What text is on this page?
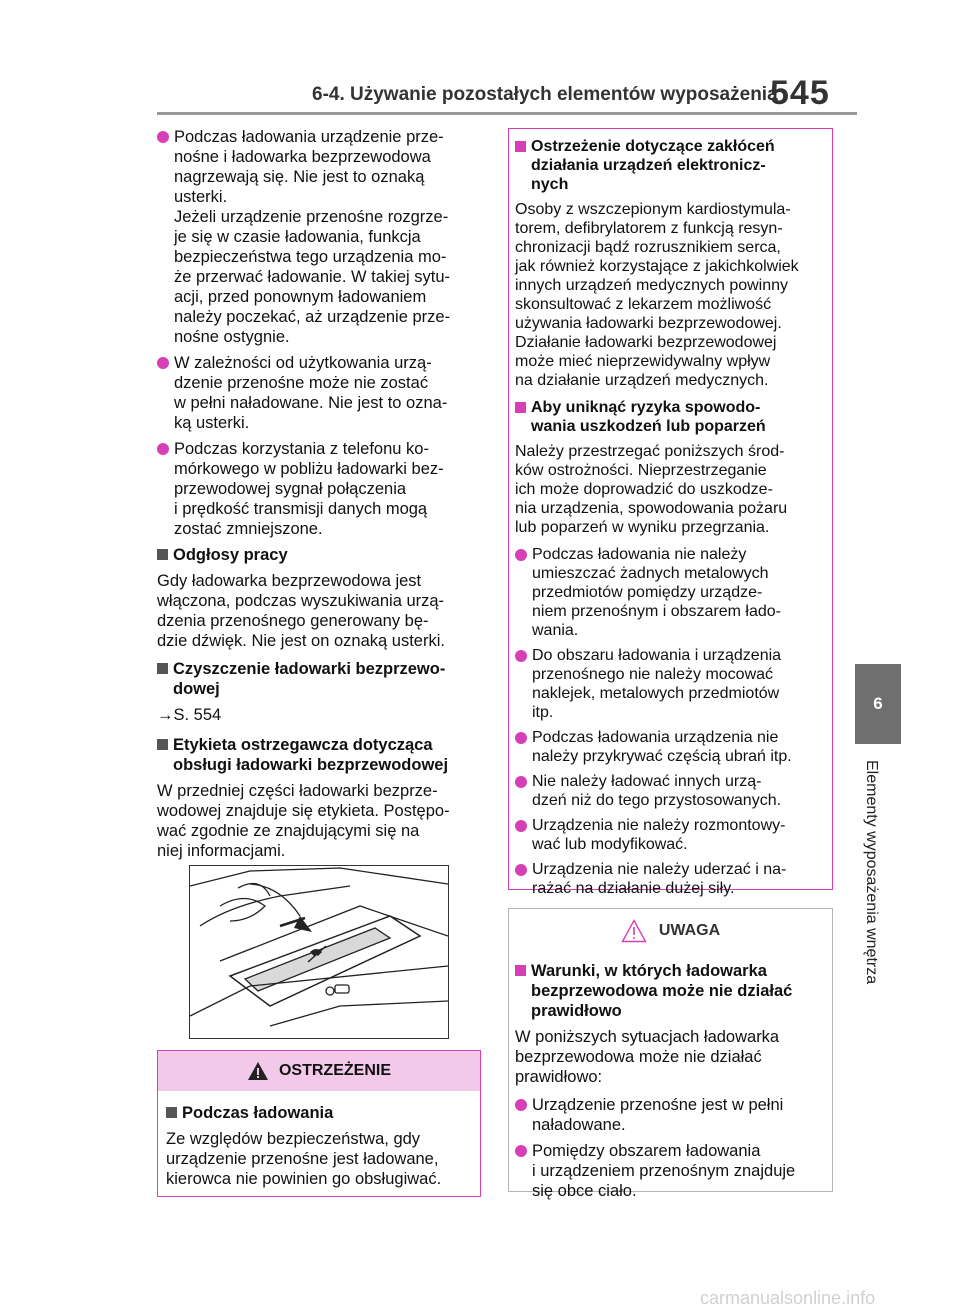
6-4. Używanie pozostałych elementów wyposażenia
545
6
Elementy wyposażenia wnętrza
Podczas ładowania urządzenie prze-
nośne i ładowarka bezprzewodowa
nagrzewają się. Nie jest to oznaką
usterki.
Jeżeli urządzenie przenośne rozgrze-
je się w czasie ładowania, funkcja
bezpieczeństwa tego urządzenia mo-
że przerwać ładowanie. W takiej sytu-
acji, przed ponownym ładowaniem
należy poczekać, aż urządzenie prze-
nośne ostygnie.
W zależności od użytkowania urzą-
dzenie przenośne może nie zostać
w pełni naładowane. Nie jest to ozna-
ką usterki.
Podczas korzystania z telefonu ko-
mórkowego w pobliżu ładowarki bez-
przewodowej sygnał połączenia
i prędkość transmisji danych mogą
zostać zmniejszone.
Odgłosy pracy
Gdy ładowarka bezprzewodowa jest
włączona, podczas wyszukiwania urzą-
dzenia przenośnego generowany bę-
dzie dźwięk. Nie jest on oznaką usterki.
Czyszczenie ładowarki bezprzewo-
dowej
→S. 554
Etykieta ostrzegawcza dotycząca
obsługi ładowarki bezprzewodowej
W przedniej części ładowarki bezprze-
wodowej znajduje się etykieta. Postępo-
wać zgodnie ze znajdującymi się na
niej informacjami.
OSTRZEŻENIE
Podczas ładowania
Ze względów bezpieczeństwa, gdy
urządzenie przenośne jest ładowane,
kierowca nie powinien go obsługiwać.
Ostrzeżenie dotyczące zakłóceń
działania urządzeń elektronicz-
nych
Osoby z wszczepionym kardiostymula-
torem, defibrylatorem z funkcją resyn-
chronizacji bądź rozrusznikiem serca,
jak również korzystające z jakichkolwiek
innych urządzeń medycznych powinny
skonsultować z lekarzem możliwość
używania ładowarki bezprzewodowej.
Działanie ładowarki bezprzewodowej
może mieć nieprzewidywalny wpływ
na działanie urządzeń medycznych.
Aby uniknąć ryzyka spowodo-
wania uszkodzeń lub poparzeń
Należy przestrzegać poniższych środ-
ków ostrożności. Nieprzestrzeganie
ich może doprowadzić do uszkodze-
nia urządzenia, spowodowania pożaru
lub poparzeń w wyniku przegrzania.
Podczas ładowania nie należy
umieszczać żadnych metalowych
przedmiotów pomiędzy urządze-
niem przenośnym i obszarem łado-
wania.
Do obszaru ładowania i urządzenia
przenośnego nie należy mocować
naklejek, metalowych przedmiotów
itp.
Podczas ładowania urządzenia nie
należy przykrywać częścią ubrań itp.
Nie należy ładować innych urzą-
dzeń niż do tego przystosowanych.
Urządzenia nie należy rozmontowy-
wać lub modyfikować.
Urządzenia nie należy uderzać i na-
rażać na działanie dużej siły.
UWAGA
Warunki, w których ładowarka
bezprzewodowa może nie działać
prawidłowo
W poniższych sytuacjach ładowarka
bezprzewodowa może nie działać
prawidłowo:
Urządzenie przenośne jest w pełni
naładowane.
Pomiędzy obszarem ładowania
i urządzeniem przenośnym znajduje
się obce ciało.
carmanualsonline.info
